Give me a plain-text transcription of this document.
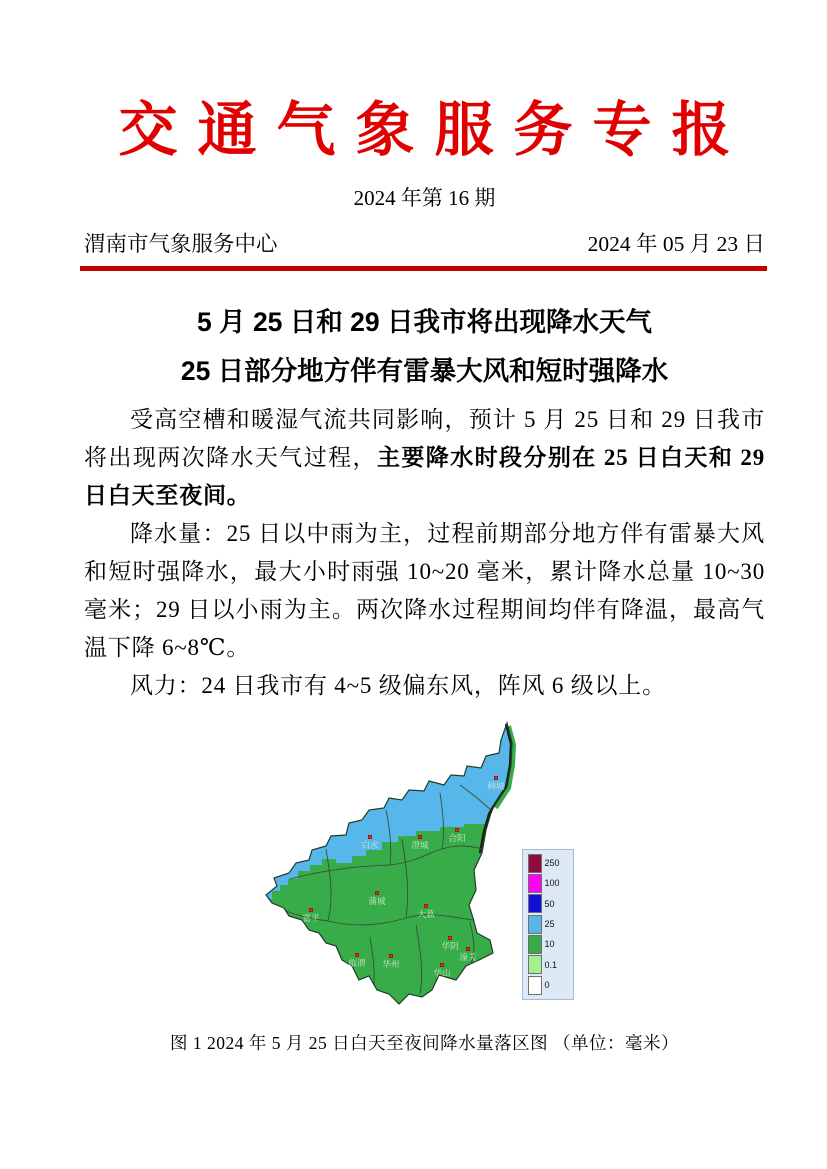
交通气象服务专报
2024 年第 16 期
渭南市气象服务中心	2024 年 05 月 23 日
5 月 25 日和 29 日我市将出现降水天气
25 日部分地方伴有雷暴大风和短时强降水

受高空槽和暖湿气流共同影响，预计 5 月 25 日和 29 日我市将出现两次降水天气过程，主要降水时段分别在 25 日白天和 29 日白天至夜间。

降水量：25 日以中雨为主，过程前期部分地方伴有雷暴大风和短时强降水，最大小时雨强 10~20 毫米，累计降水总量 10~30 毫米；29 日以小雨为主。两次降水过程期间均伴有降温，最高气温下降 6~8℃。

风力：24 日我市有 4~5 级偏东风，阵风 6 级以上。

韩城
合阳
澄城
白水
蒲城
大荔
富平
临渭 华州
华阴
潼关
华山
250
100
50
25
10
0.1
0
图 1 2024 年 5 月 25 日白天至夜间降水量落区图 （单位：毫米）
